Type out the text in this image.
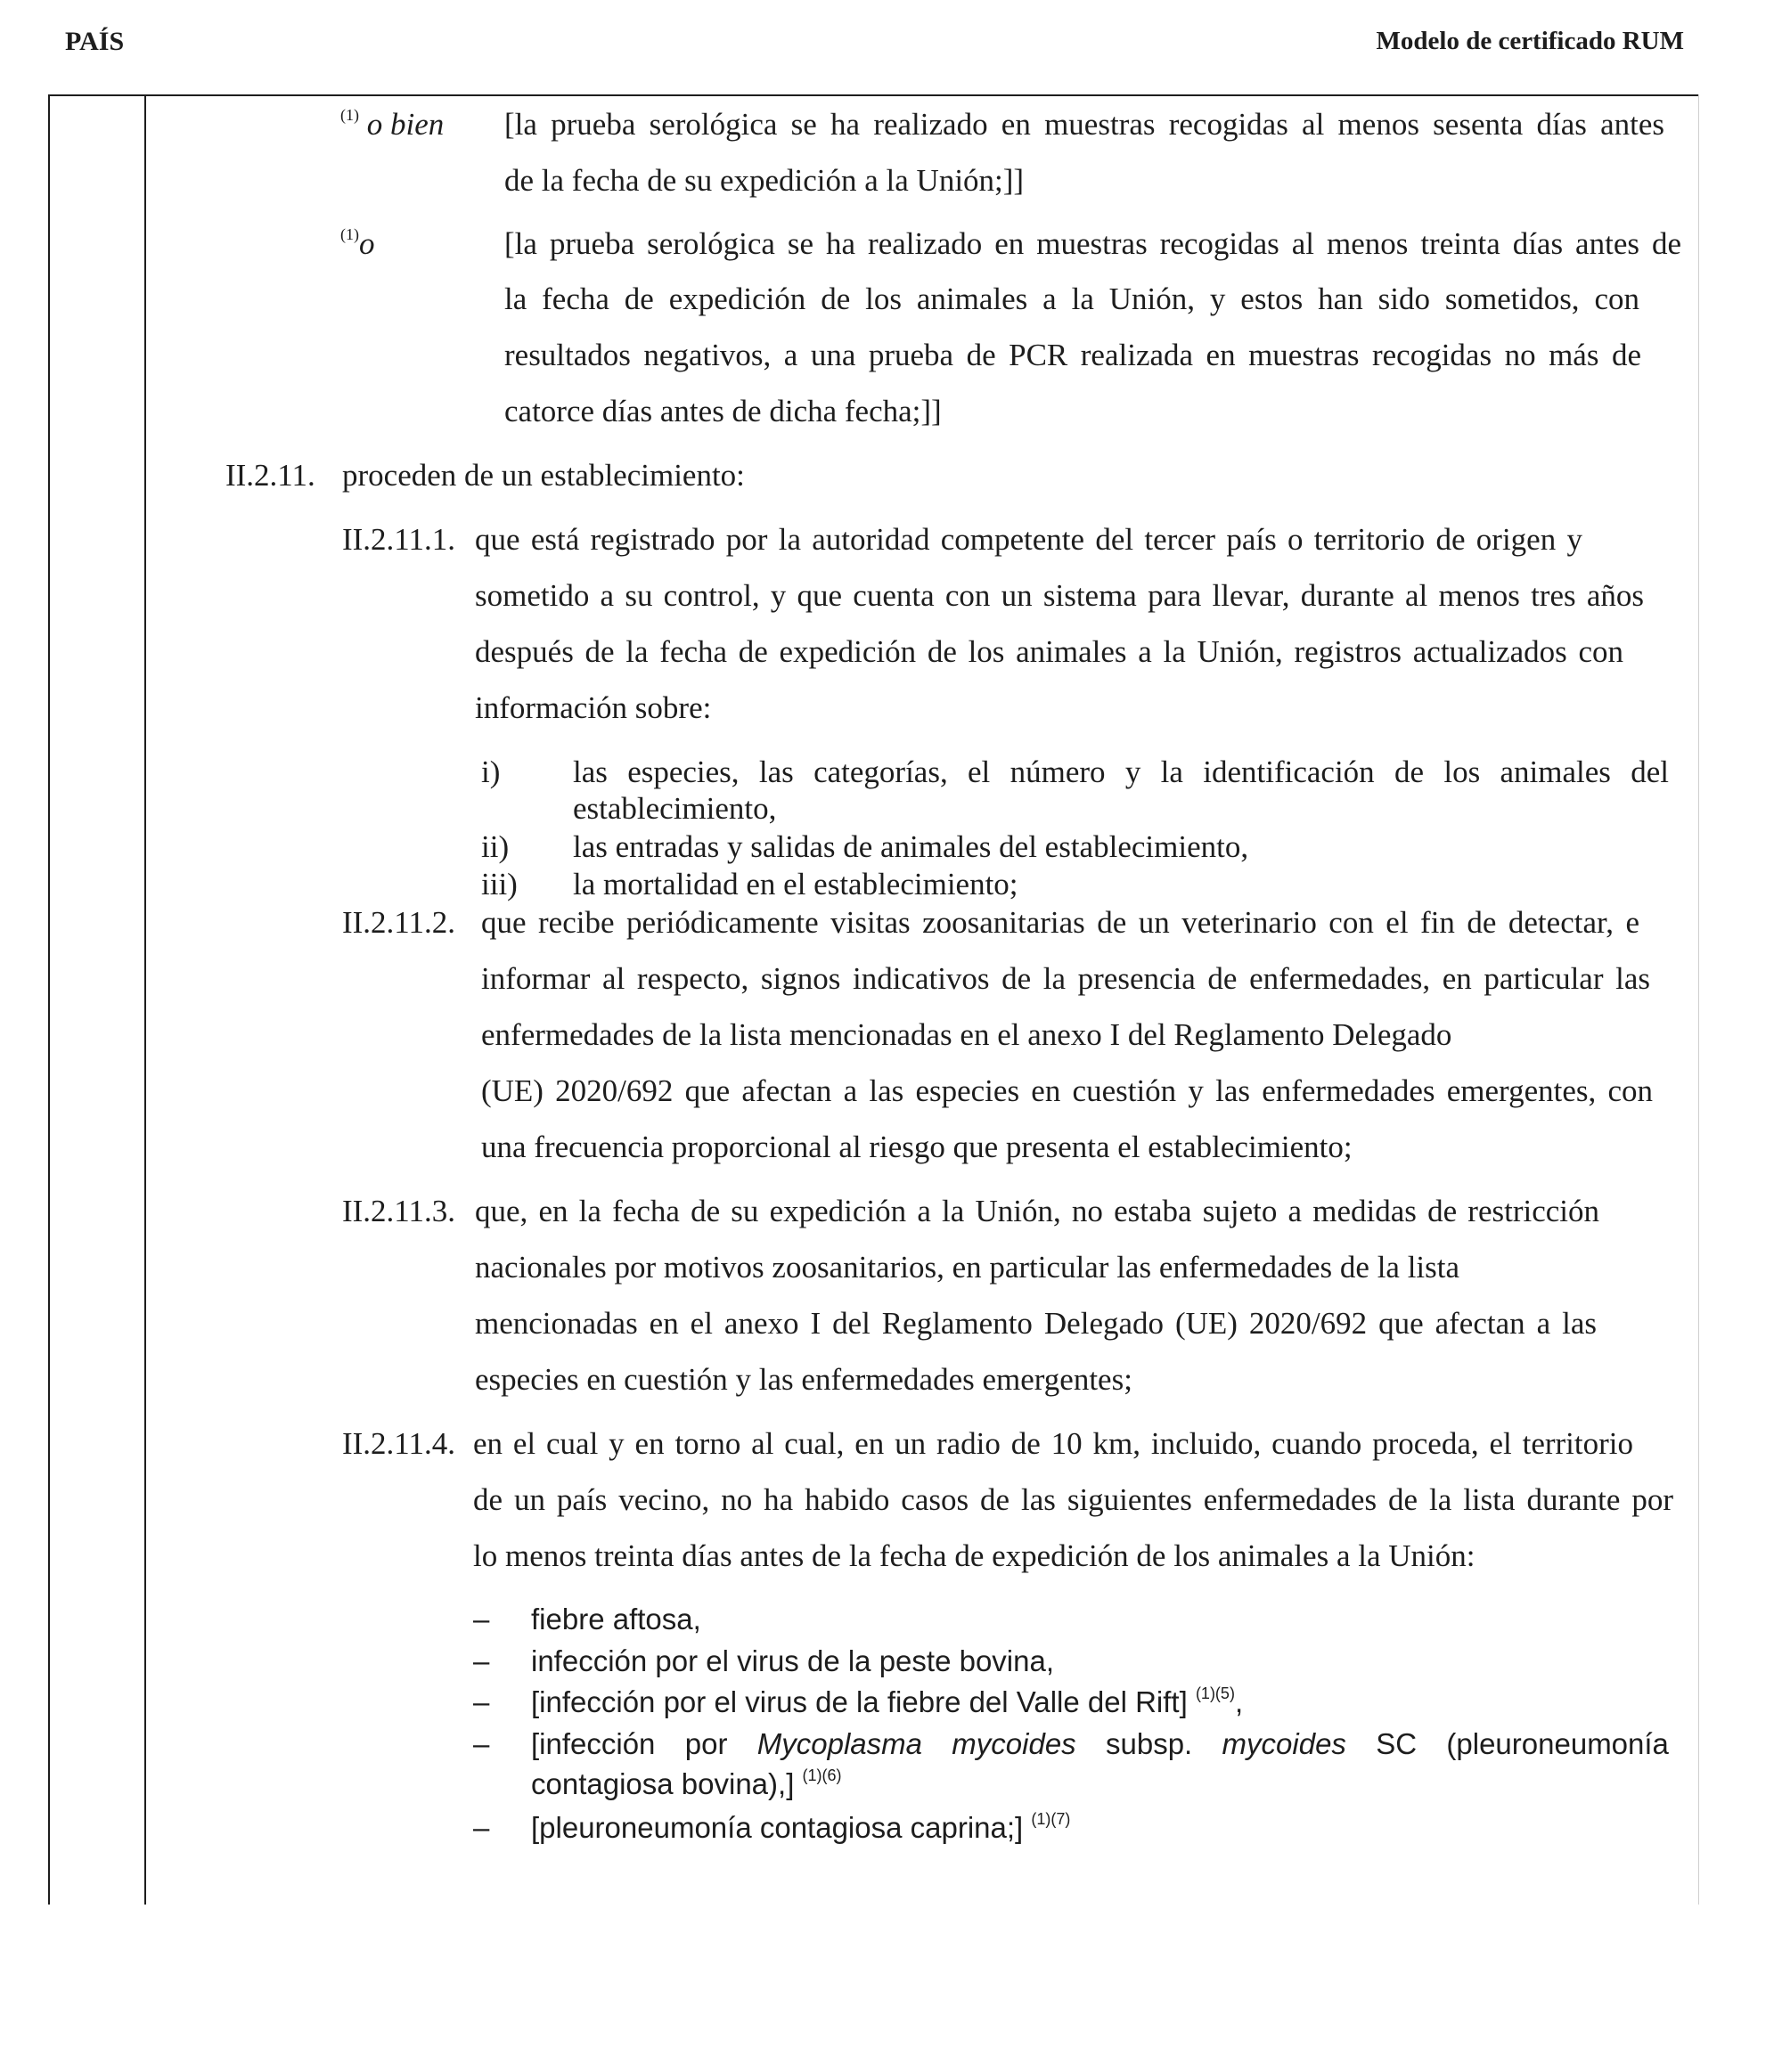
PAÍS	Modelo de certificado RUM
$^{(1)}$ o bien [la prueba serológica se ha realizado en muestras recogidas al menos sesenta días antes
de la fecha de su expedición a la Unión;]]
$^{(1)}$o	[la prueba serológica se ha realizado en muestras recogidas al menos treinta días antes de
la fecha de expedición de los animales a la Unión, y estos han sido sometidos, con
resultados negativos, a una prueba de PCR realizada en muestras recogidas no más de
catorce días antes de dicha fecha;]]
II.2.11. proceden de un establecimiento:
II.2.11.1. que está registrado por la autoridad competente del tercer país o territorio de origen y
sometido a su control, y que cuenta con un sistema para llevar, durante al menos tres años
después de la fecha de expedición de los animales a la Unión, registros actualizados con
información sobre:
i) las especies, las categorías, el número y la identificación de los animales del
establecimiento,
ii) las entradas y salidas de animales del establecimiento,
iii) la mortalidad en el establecimiento;
II.2.11.2. que recibe periódicamente visitas zoosanitarias de un veterinario con el fin de detectar, e
informar al respecto, signos indicativos de la presencia de enfermedades, en particular las
enfermedades de la lista mencionadas en el anexo I del Reglamento Delegado
(UE) 2020/692 que afectan a las especies en cuestión y las enfermedades emergentes, con
una frecuencia proporcional al riesgo que presenta el establecimiento;
II.2.11.3. que, en la fecha de su expedición a la Unión, no estaba sujeto a medidas de restricción
nacionales por motivos zoosanitarios, en particular las enfermedades de la lista
mencionadas en el anexo I del Reglamento Delegado (UE) 2020/692 que afectan a las
especies en cuestión y las enfermedades emergentes;
II.2.11.4. en el cual y en torno al cual, en un radio de 10 km, incluido, cuando proceda, el territorio
de un país vecino, no ha habido casos de las siguientes enfermedades de la lista durante por
lo menos treinta días antes de la fecha de expedición de los animales a la Unión:
– fiebre aftosa,
– infección por el virus de la peste bovina,
– [infección por el virus de la fiebre del Valle del Rift] $^{(1)(5)}$,
– [infección por Mycoplasma mycoides subsp. mycoides SC (pleuroneumonía
contagiosa bovina),] $^{(1)(6)}$
– [pleuroneumonía contagiosa caprina;] $^{(1)(7)}$
